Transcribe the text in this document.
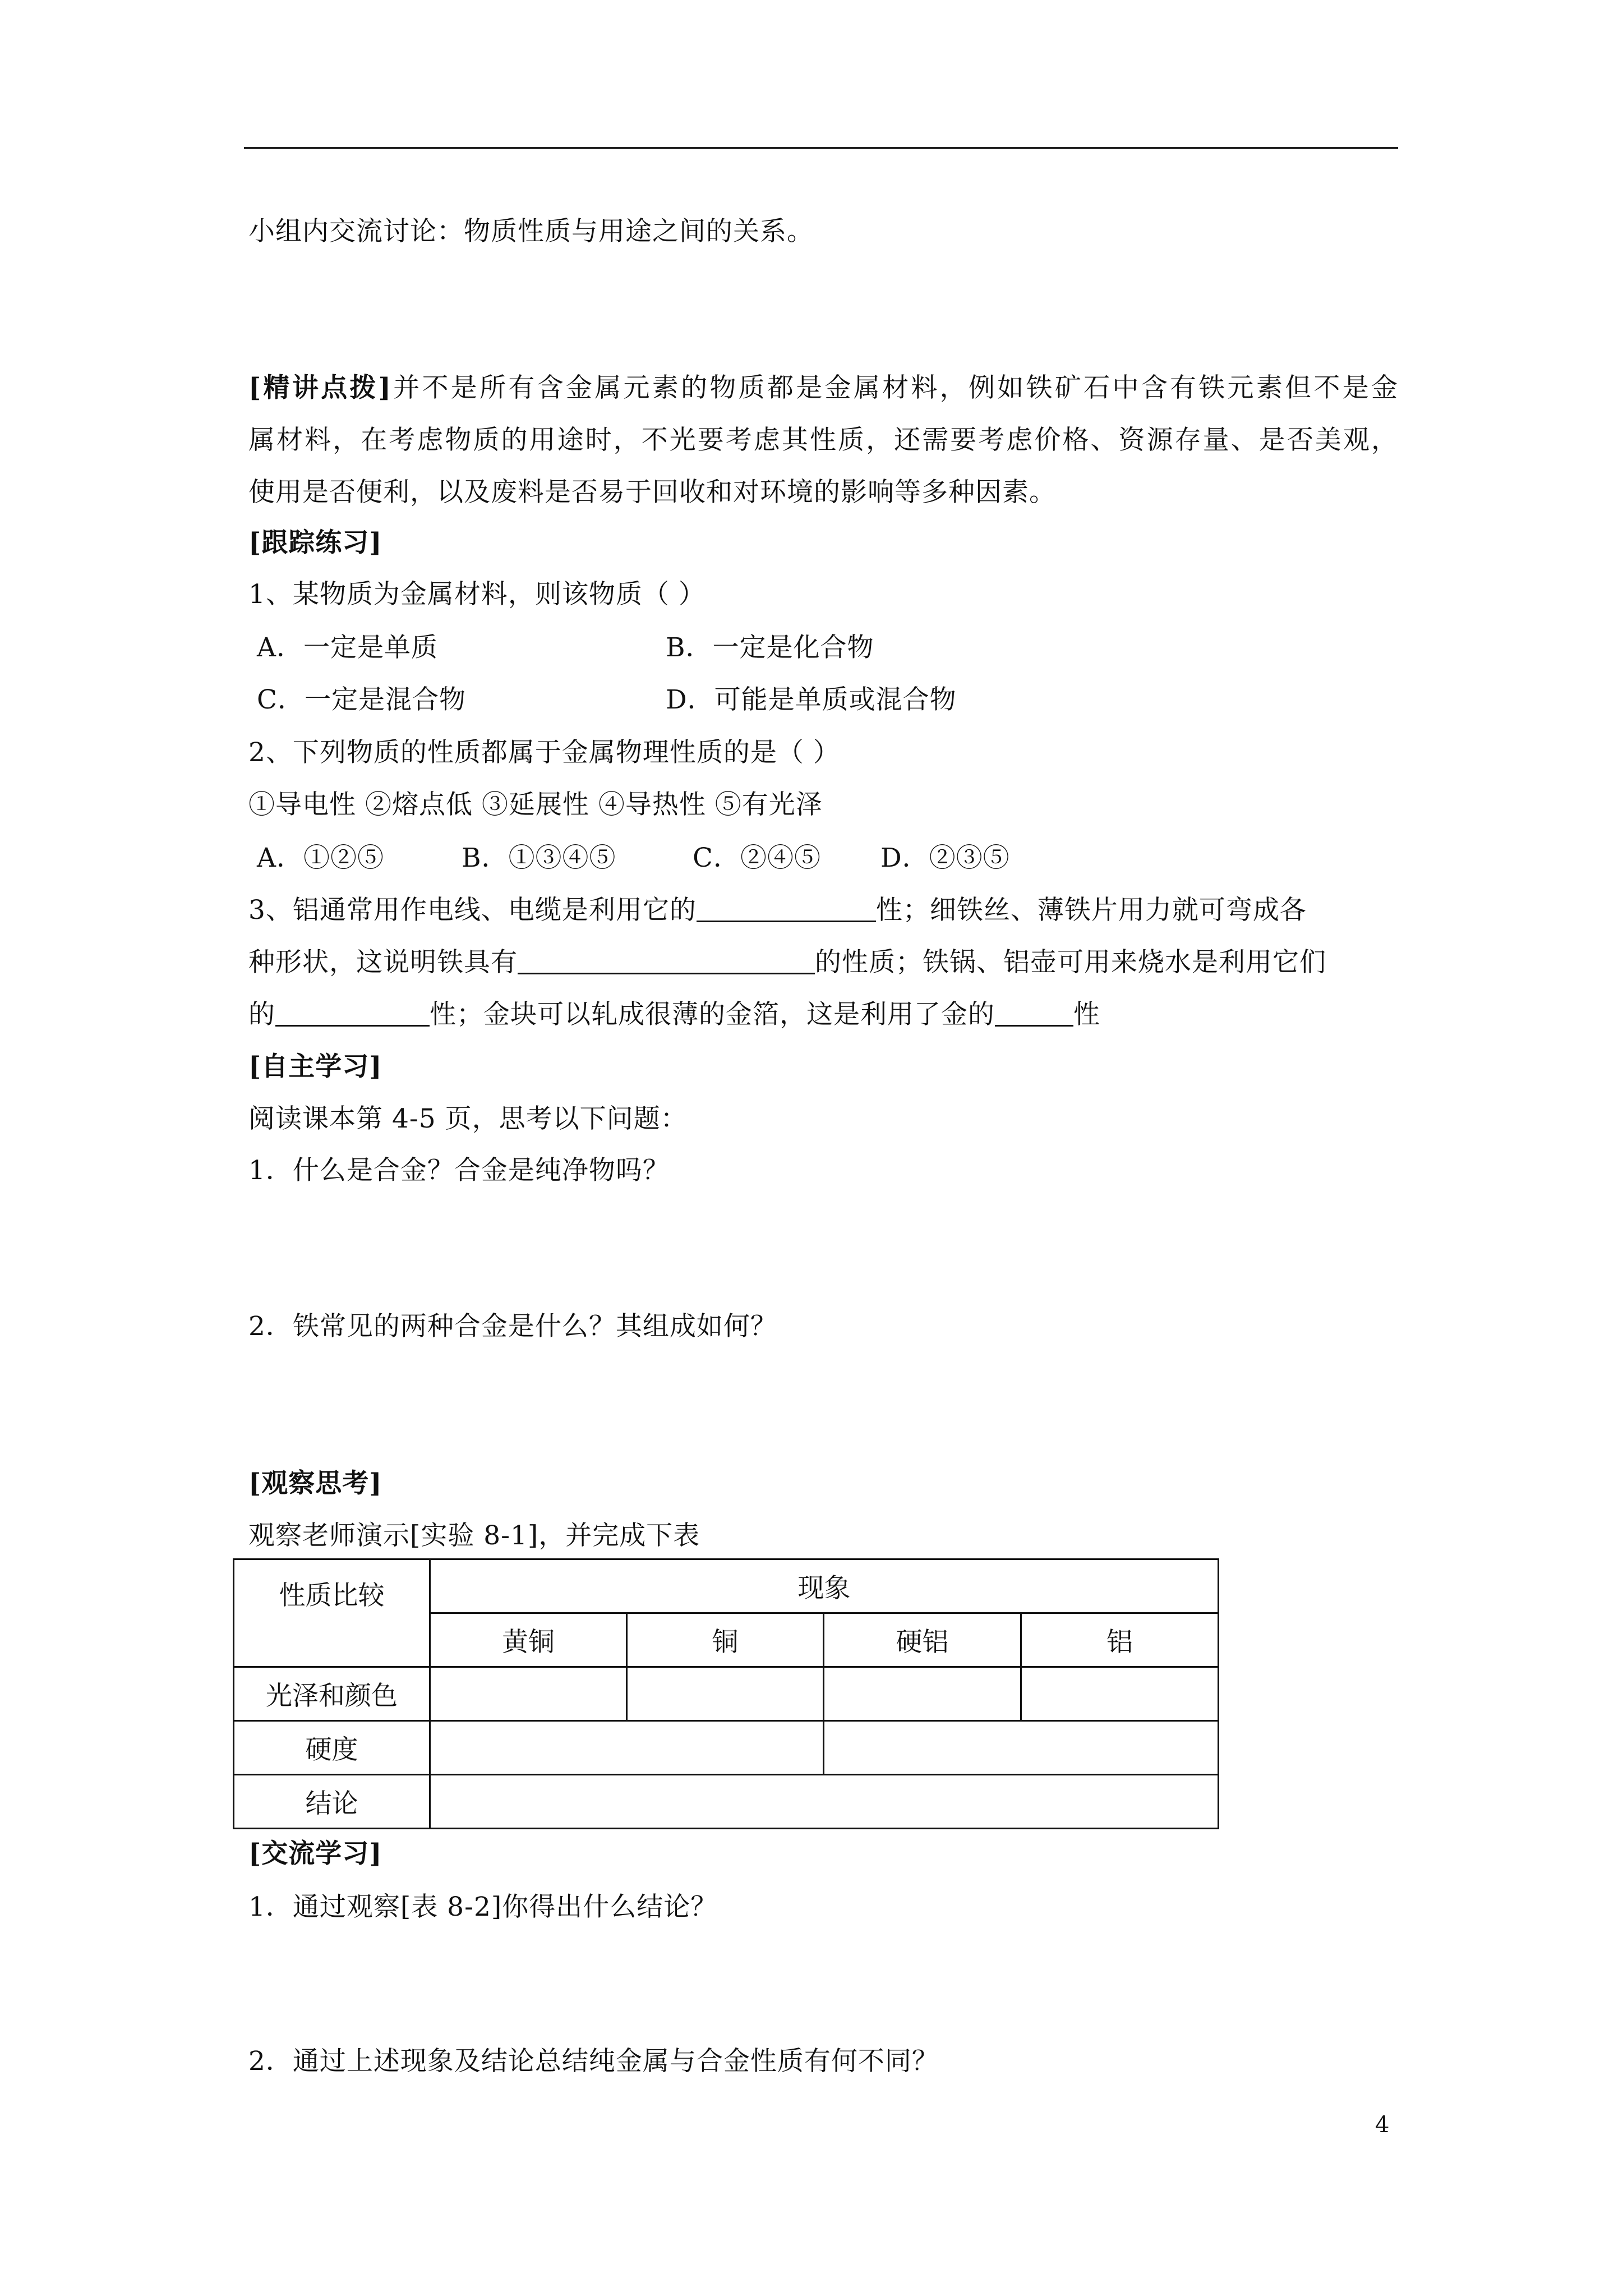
小组内交流讨论：物质性质与用途之间的关系。
[精讲点拨]并不是所有含金属元素的物质都是金属材料，例如铁矿石中含有铁元素但不是金
属材料，在考虑物质的用途时，不光要考虑其性质，还需要考虑价格、资源存量、是否美观，
使用是否便利，以及废料是否易于回收和对环境的影响等多种因素。
[跟踪练习]
1、某物质为金属材料，则该物质（ ）
A．一定是单质	B．一定是化合物
C．一定是混合物	D．可能是单质或混合物
2、下列物质的性质都属于金属物理性质的是（ ）
①导电性 ②熔点低 ③延展性 ④导热性 ⑤有光泽
A．①②⑤	B．①③④⑤	C．②④⑤ D．②③⑤
3、铝通常用作电线、电缆是利用它的	性；细铁丝、薄铁片用力就可弯成各
种形状，这说明铁具有	的性质；铁锅、铝壶可用来烧水是利用它们
的	性；金块可以轧成很薄的金箔，这是利用了金的	性
[自主学习]
阅读课本第 4-5 页，思考以下问题：
1．什么是合金？合金是纯净物吗？
2．铁常见的两种合金是什么？其组成如何？
[观察思考]
观察老师演示[实验 8-1]，并完成下表
性质比较	现象			
	黄铜	铜	硬铝	铝
光泽和颜色				
硬度				
结论				
[交流学习]
1．通过观察[表 8-2]你得出什么结论？
2．通过上述现象及结论总结纯金属与合金性质有何不同？
4
